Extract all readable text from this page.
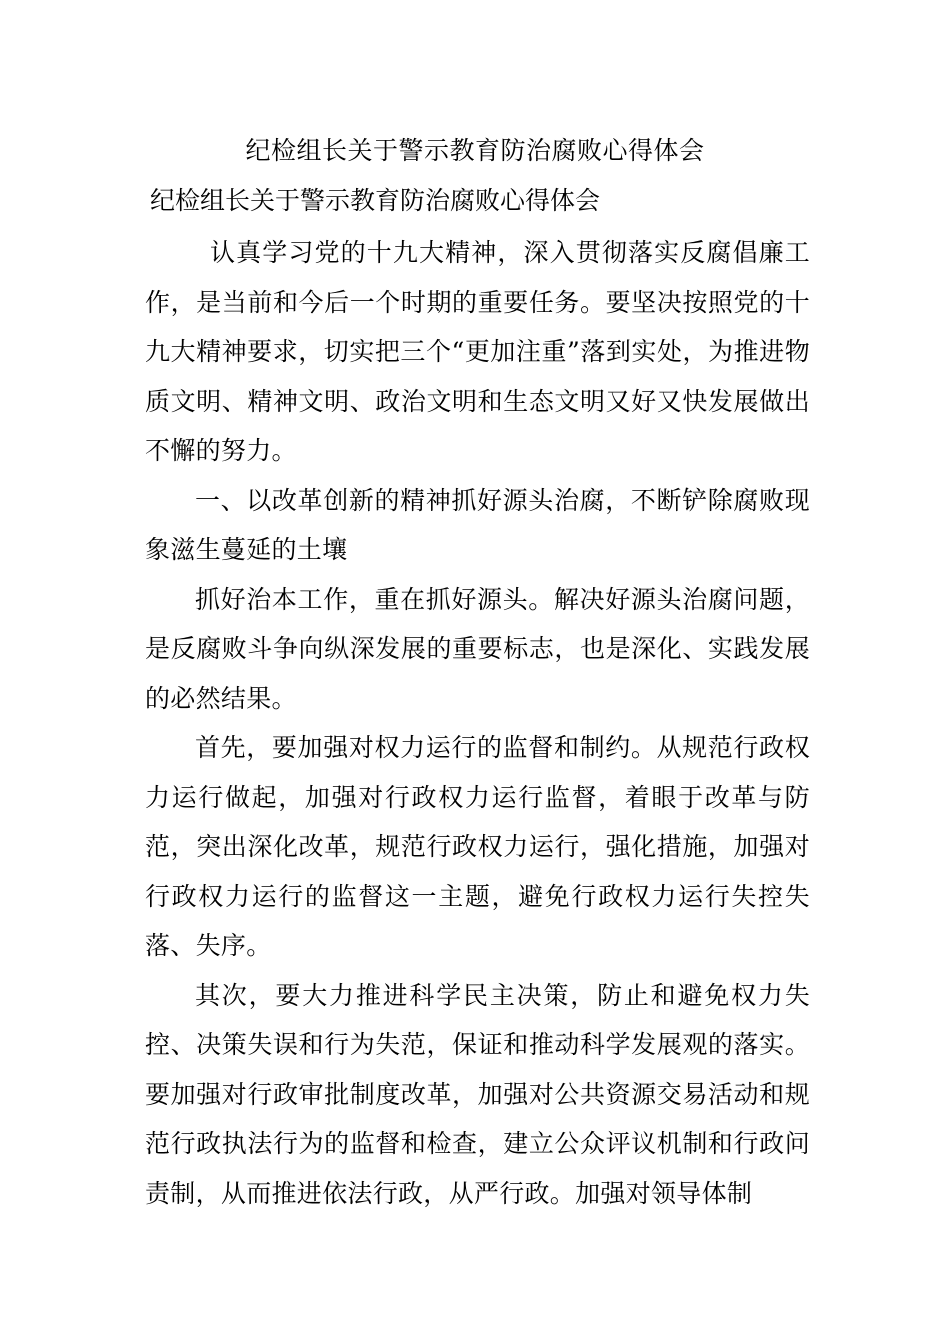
纪检组长关于警示教育防治腐败心得体会
纪检组长关于警示教育防治腐败心得体会

认真学习党的十九大精神，深入贯彻落实反腐倡廉工作，是当前和今后一个时期的重要任务。要坚决按照党的十九大精神要求，切实把三个“更加注重”落到实处，为推进物质文明、精神文明、政治文明和生态文明又好又快发展做出不懈的努力。

一、以改革创新的精神抓好源头治腐，不断铲除腐败现象滋生蔓延的土壤

抓好治本工作，重在抓好源头。解决好源头治腐问题，是反腐败斗争向纵深发展的重要标志，也是深化、实践发展的必然结果。

首先，要加强对权力运行的监督和制约。从规范行政权力运行做起，加强对行政权力运行监督，着眼于改革与防范，突出深化改革，规范行政权力运行，强化措施，加强对行政权力运行的监督这一主题，避免行政权力运行失控失落、失序。

其次，要大力推进科学民主决策，防止和避免权力失控、决策失误和行为失范，保证和推动科学发展观的落实。要加强对行政审批制度改革，加强对公共资源交易活动和规范行政执法行为的监督和检查，建立公众评议机制和行政问责制，从而推进依法行政，从严行政。加强对领导体制
